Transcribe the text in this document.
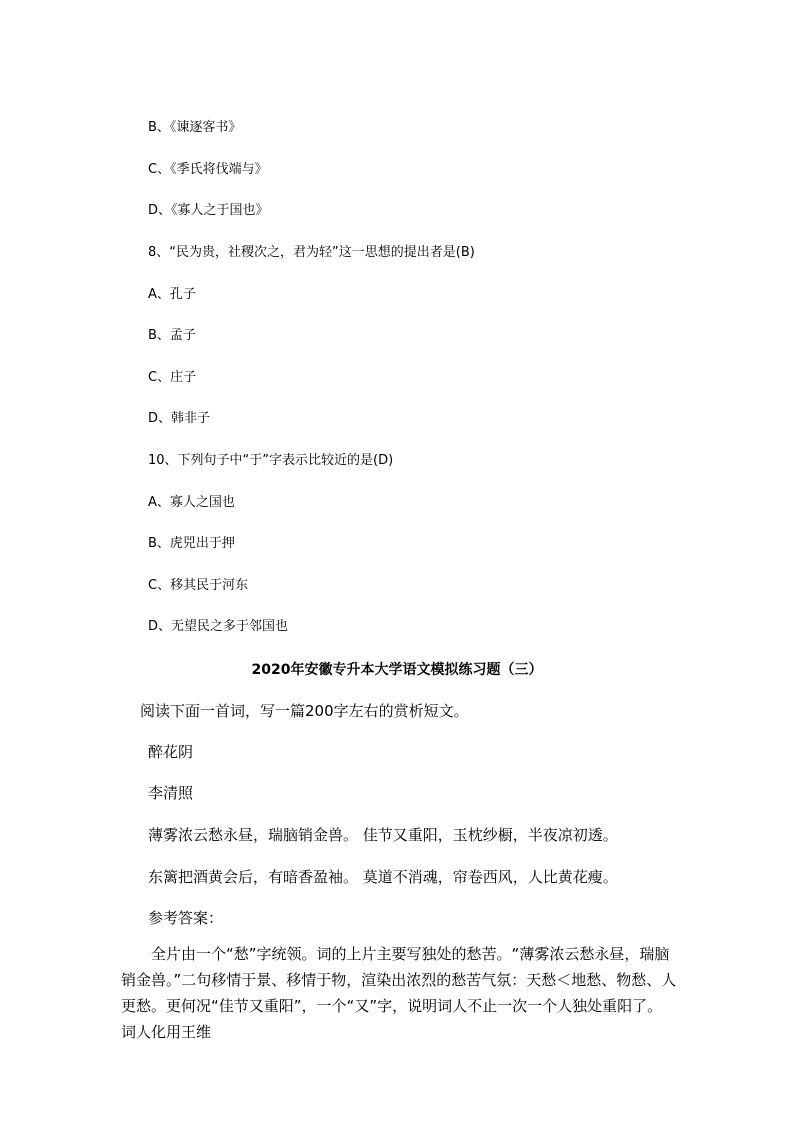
B、《谏逐客书》
C、《季氏将伐端与》
D、《寡人之于国也》
8、“民为贵，社稷次之，君为轻”这一思想的提出者是(B)
A、孔子
B、孟子
C、庄子
D、韩非子
10、下列句子中“于”字表示比较近的是(D)
A、寡人之国也
B、虎兕出于押
C、移其民于河东
D、无望民之多于邻国也
2020年安徽专升本大学语文模拟练习题（三）
阅读下面一首词，写一篇200字左右的赏析短文。
醉花阴
李清照
薄雾浓云愁永昼，瑞脑销金兽。 佳节又重阳，玉枕纱橱，半夜凉初透。
东篱把酒黄会后，有暗香盈袖。 莫道不消魂，帘卷西风，人比黄花瘦。
参考答案：
全片由一个“愁”字统领。词的上片主要写独处的愁苦。“薄雾浓云愁永昼，瑞脑销金兽。”二句移情于景、移情于物，渲染出浓烈的愁苦气氛：天愁＜地愁、物愁、人更愁。更何况“佳节又重阳”，一个“又”字，说明词人不止一次一个人独处重阳了。词人化用王维
